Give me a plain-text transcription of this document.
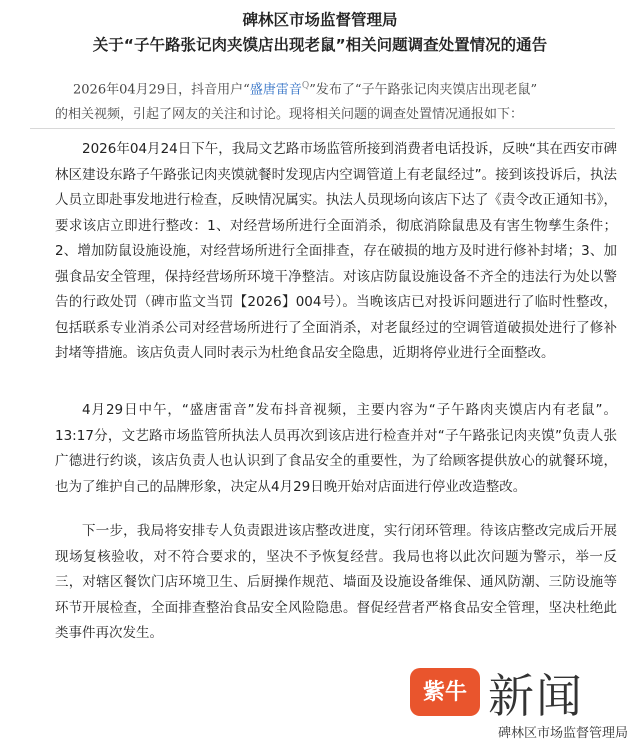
碑林区市场监督管理局
关于“子午路张记肉夹馍店出现老鼠”相关问题调查处置情况的通告
2026年04月29日，抖音用户“盛唐雷音$^Q$”发布了“子午路张记肉夹馍店出现老鼠”
的相关视频，引起了网友的关注和讨论。现将相关问题的调查处置情况通报如下：
2026年04月24日下午，我局文艺路市场监管所接到消费者电话投诉，反映“其在西安市碑林区建设东路子午路张记肉夹馍就餐时发现店内空调管道上有老鼠经过”。接到该投诉后，执法人员立即赴事发地进行检查，反映情况属实。执法人员现场向该店下达了《责令改正通知书》，要求该店立即进行整改：1、对经营场所进行全面消杀，彻底消除鼠患及有害生物孳生条件；2、增加防鼠设施设施，对经营场所进行全面排查，存在破损的地方及时进行修补封堵；3、加强食品安全管理，保持经营场所环境干净整洁。对该店防鼠设施设备不齐全的违法行为处以警告的行政处罚（碑市监文当罚【2026】004号）。当晚该店已对投诉问题进行了临时性整改，包括联系专业消杀公司对经营场所进行了全面消杀，对老鼠经过的空调管道破损处进行了修补封堵等措施。该店负责人同时表示为杜绝食品安全隐患，近期将停业进行全面整改。
4月29日中午，“盛唐雷音”发布抖音视频，主要内容为“子午路肉夹馍店内有老鼠”。13:17分，文艺路市场监管所执法人员再次到该店进行检查并对“子午路张记肉夹馍”负责人张广德进行约谈，该店负责人也认识到了食品安全的重要性，为了给顾客提供放心的就餐环境，也为了维护自己的品牌形象，决定从4月29日晚开始对店面进行停业改造整改。
下一步，我局将安排专人负责跟进该店整改进度，实行闭环管理。待该店整改完成后开展现场复核验收，对不符合要求的，坚决不予恢复经营。我局也将以此次问题为警示，举一反三，对辖区餐饮门店环境卫生、后厨操作规范、墙面及设施设备维保、通风防潮、三防设施等环节开展检查，全面排查整治食品安全风险隐患。督促经营者严格食品安全管理，坚决杜绝此类事件再次发生。
紫牛 新闻
碑林区市场监督管理局
